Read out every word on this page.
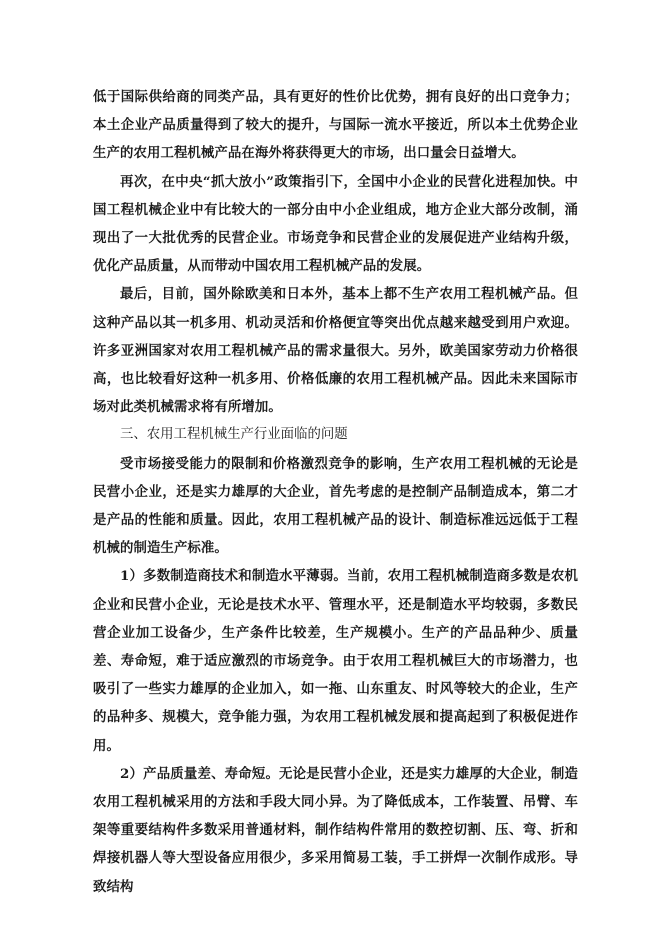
低于国际供给商的同类产品，具有更好的性价比优势，拥有良好的出口竞争力；本土企业产品质量得到了较大的提升，与国际一流水平接近，所以本土优势企业生产的农用工程机械产品在海外将获得更大的市场，出口量会日益增大。

再次，在中央“抓大放小”政策指引下，全国中小企业的民营化进程加快。中国工程机械企业中有比较大的一部分由中小企业组成，地方企业大部分改制，涌现出了一大批优秀的民营企业。市场竞争和民营企业的发展促进产业结构升级，优化产品质量，从而带动中国农用工程机械产品的发展。

最后，目前，国外除欧美和日本外，基本上都不生产农用工程机械产品。但这种产品以其一机多用、机动灵活和价格便宜等突出优点越来越受到用户欢迎。许多亚洲国家对农用工程机械产品的需求量很大。另外，欧美国家劳动力价格很高，也比较看好这种一机多用、价格低廉的农用工程机械产品。因此未来国际市场对此类机械需求将有所增加。

三、农用工程机械生产行业面临的问题

受市场接受能力的限制和价格激烈竞争的影响，生产农用工程机械的无论是民营小企业，还是实力雄厚的大企业，首先考虑的是控制产品制造成本，第二才是产品的性能和质量。因此，农用工程机械产品的设计、制造标准远远低于工程机械的制造生产标准。

1）多数制造商技术和制造水平薄弱。当前，农用工程机械制造商多数是农机企业和民营小企业，无论是技术水平、管理水平，还是制造水平均较弱，多数民营企业加工设备少，生产条件比较差，生产规模小。生产的产品品种少、质量差、寿命短，难于适应激烈的市场竞争。由于农用工程机械巨大的市场潜力，也吸引了一些实力雄厚的企业加入，如一拖、山东重友、时风等较大的企业，生产的品种多、规模大，竞争能力强，为农用工程机械发展和提高起到了积极促进作用。

2）产品质量差、寿命短。无论是民营小企业，还是实力雄厚的大企业，制造农用工程机械采用的方法和手段大同小异。为了降低成本，工作装置、吊臂、车架等重要结构件多数采用普通材料，制作结构件常用的数控切割、压、弯、折和焊接机器人等大型设备应用很少，多采用简易工装，手工拼焊一次制作成形。导致结构
